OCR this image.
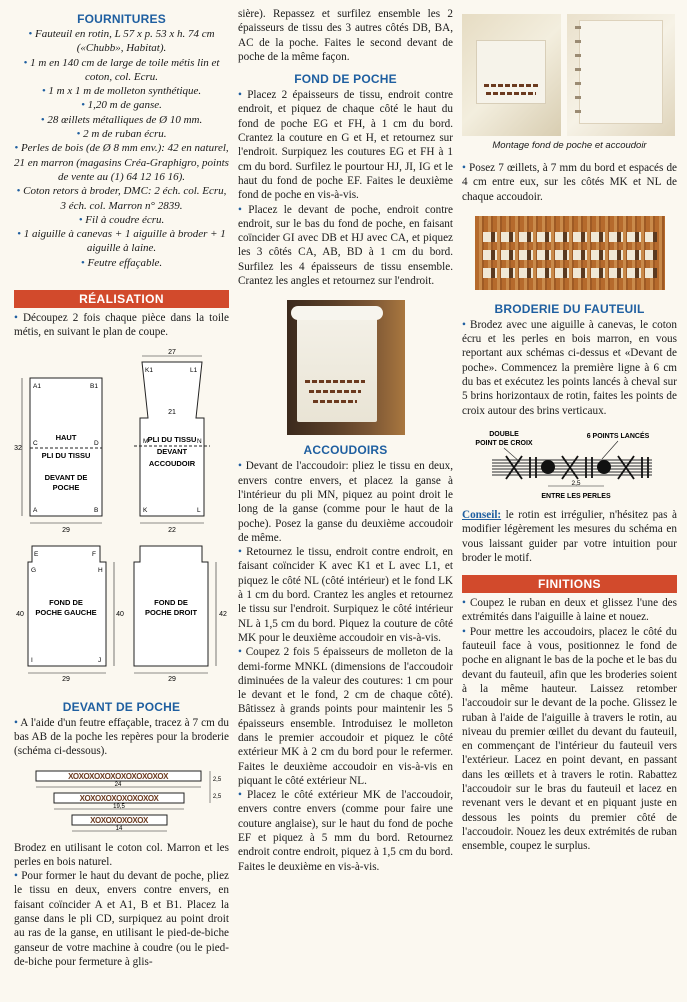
FOURNITURES

• Fauteuil en rotin, L 57 x p. 53 x h. 74 cm («Chubb», Habitat).

• 1 m en 140 cm de large de toile métis lin et coton, col. Ecru.

• 1 m x 1 m de molleton synthétique.

• 1,20 m de ganse.

• 28 œillets métalliques de Ø 10 mm.

• 2 m de ruban écru.

• Perles de bois (de Ø 8 mm env.): 42 en naturel, 21 en marron (magasins Créa-Graphigro, points de vente au (1) 64 12 16 16).

• Coton retors à broder, DMC: 2 éch. col. Ecru, 3 éch. col. Marron n° 2839.

• Fil à coudre écru.

• 1 aiguille à canevas + 1 aiguille à broder + 1 aiguille à laine.

• Feutre effaçable.

RÉALISATION

• Découpez 2 fois chaque pièce dans la toile métis, en suivant le plan de coupe.

27
29	22
21
32
40	40	42
29	29
HAUT
PLI DU TISSU
DEVANT DE
POCHE
PLI DU TISSU
DEVANT
ACCOUDOIR
FOND DE
POCHE GAUCHE
FOND DE
POCHE DROIT
A1	B1
C	D
A	B
K1	L1
M	N
K	L
E	F
G	H
I	J

DEVANT DE POCHE

• A l'aide d'un feutre effaçable, tracez à 7 cm du bas AB de la poche les repères pour la broderie (schéma ci-dessous).

XOXOXOXOXOXOXOXOXOX
24
XOXOXOXOXOXOXOX
19,5
XOXOXOXOXOX
14
2,5
2,5

Brodez en utilisant le coton col. Marron et les perles en bois naturel.

• Pour former le haut du devant de poche, pliez le tissu en deux, envers contre envers, en faisant coïncider A et A1, B et B1. Placez la ganse dans le pli CD, surpiquez au point droit au ras de la ganse, en utilisant le pied-de-biche ganseur de votre machine à coudre (ou le pied-de-biche pour fermeture à glis-

sière). Repassez et surfilez ensemble les 2 épaisseurs de tissu des 3 autres côtés DB, BA, AC de la poche. Faites le second devant de poche de la même façon.

FOND DE POCHE

• Placez 2 épaisseurs de tissu, endroit contre endroit, et piquez de chaque côté le haut du fond de poche EG et FH, à 1 cm du bord. Crantez la couture en G et H, et retournez sur l'endroit. Surpiquez les coutures EG et FH à 1 cm du bord. Surfilez le pourtour HJ, JI, IG et le haut du fond de poche EF. Faites le deuxième fond de poche en vis-à-vis.

• Placez le devant de poche, endroit contre endroit, sur le bas du fond de poche, en faisant coïncider GI avec DB et HJ avec CA, et piquez les 3 côtés CA, AB, BD à 1 cm du bord. Surfilez les 4 épaisseurs de tissu ensemble. Crantez les angles et retournez sur l'endroit.

ACCOUDOIRS

• Devant de l'accoudoir: pliez le tissu en deux, envers contre envers, et placez la ganse à l'intérieur du pli MN, piquez au point droit le long de la ganse (comme pour le haut de la poche). Posez la ganse du deuxième accoudoir de même.

• Retournez le tissu, endroit contre endroit, en faisant coïncider K avec K1 et L avec L1, et piquez le côté NL (côté intérieur) et le fond LK à 1 cm du bord. Crantez les angles et retournez le tissu sur l'endroit. Surpiquez le côté intérieur NL à 1,5 cm du bord. Piquez la couture de côté MK pour le deuxième accoudoir en vis-à-vis.

• Coupez 2 fois 5 épaisseurs de molleton de la demi-forme MNKL (dimensions de l'accoudoir diminuées de la valeur des coutures: 1 cm pour le devant et le fond, 2 cm de chaque côté). Bâtissez à grands points pour maintenir les 5 épaisseurs ensemble. Introduisez le molleton dans le premier accoudoir et piquez le côté extérieur MK à 2 cm du bord pour le refermer. Faites le deuxième accoudoir en vis-à-vis en piquant le côté extérieur NL.

• Placez le côté extérieur MK de l'accoudoir, envers contre envers (comme pour faire une couture anglaise), sur le haut du fond de poche EF et piquez à 5 mm du bord. Retournez endroit contre endroit, piquez à 1,5 cm du bord. Faites le deuxième en vis-à-vis.

Montage fond de poche et accoudoir

• Posez 7 œillets, à 7 mm du bord et espacés de 4 cm entre eux, sur les côtés MK et NL de chaque accoudoir.

BRODERIE DU FAUTEUIL

• Brodez avec une aiguille à canevas, le coton écru et les perles en bois marron, en vous reportant aux schémas ci-dessus et «Devant de poche». Commencez la première ligne à 6 cm du bas et exécutez les points lancés à cheval sur 5 brins horizontaux de rotin, faites les points de croix autour des brins verticaux.

DOUBLE
POINT DE CROIX
6 POINTS LANCÉS
2,5
ENTRE LES PERLES

Conseil: le rotin est irrégulier, n'hésitez pas à modifier légèrement les mesures du schéma en vous laissant guider par votre intuition pour broder le motif.

FINITIONS

• Coupez le ruban en deux et glissez l'une des extrémités dans l'aiguille à laine et nouez.

• Pour mettre les accoudoirs, placez le côté du fauteuil face à vous, positionnez le fond de poche en alignant le bas de la poche et le bas du devant du fauteuil, afin que les broderies soient à la même hauteur. Laissez retomber l'accoudoir sur le devant de la poche. Glissez le ruban à l'aide de l'aiguille à travers le rotin, au niveau du premier œillet du devant du fauteuil, en commençant de l'intérieur du fauteuil vers l'extérieur. Lacez en point devant, en passant dans les œillets et à travers le rotin. Rabattez l'accoudoir sur le bras du fauteuil et lacez en revenant vers le devant et en piquant juste en dessous les points du premier côté de l'accoudoir. Nouez les deux extrémités de ruban ensemble, coupez le surplus.
